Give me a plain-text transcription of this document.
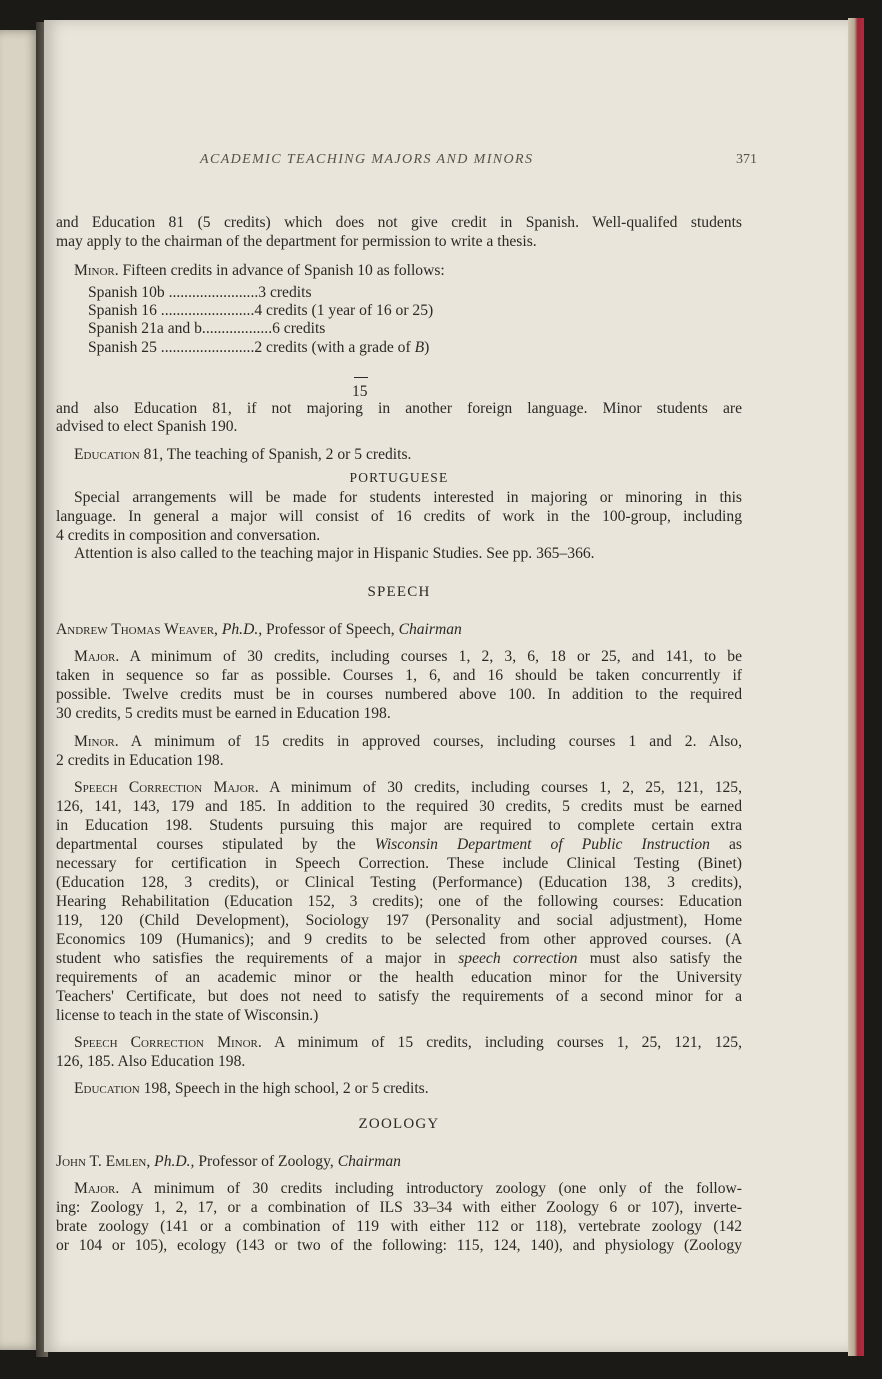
ACADEMIC TEACHING MAJORS AND MINORS	371
and Education 81 (5 credits) which does not give credit in Spanish. Well-qualifed students
may apply to the chairman of the department for permission to write a thesis.
Minor. Fifteen credits in advance of Spanish 10 as follows:
Spanish 10b .......................3 credits
Spanish 16 ........................4 credits (1 year of 16 or 25)
Spanish 21a and b..................6 credits
Spanish 25 ........................2 credits (with a grade of B)
15
and also Education 81, if not majoring in another foreign language. Minor students are
advised to elect Spanish 190.
Education 81, The teaching of Spanish, 2 or 5 credits.
PORTUGUESE
Special arrangements will be made for students interested in majoring or minoring in this
language. In general a major will consist of 16 credits of work in the 100-group, including
4 credits in composition and conversation.
Attention is also called to the teaching major in Hispanic Studies. See pp. 365–366.
SPEECH
Andrew Thomas Weaver, Ph.D., Professor of Speech, Chairman
Major. A minimum of 30 credits, including courses 1, 2, 3, 6, 18 or 25, and 141, to be
taken in sequence so far as possible. Courses 1, 6, and 16 should be taken concurrently if
possible. Twelve credits must be in courses numbered above 100. In addition to the required
30 credits, 5 credits must be earned in Education 198.
Minor. A minimum of 15 credits in approved courses, including courses 1 and 2. Also,
2 credits in Education 198.
Speech Correction Major. A minimum of 30 credits, including courses 1, 2, 25, 121, 125,
126, 141, 143, 179 and 185. In addition to the required 30 credits, 5 credits must be earned
in Education 198. Students pursuing this major are required to complete certain extra
departmental courses stipulated by the Wisconsin Department of Public Instruction as
necessary for certification in Speech Correction. These include Clinical Testing (Binet)
(Education 128, 3 credits), or Clinical Testing (Performance) (Education 138, 3 credits),
Hearing Rehabilitation (Education 152, 3 credits); one of the following courses: Education
119, 120 (Child Development), Sociology 197 (Personality and social adjustment), Home
Economics 109 (Humanics); and 9 credits to be selected from other approved courses. (A
student who satisfies the requirements of a major in speech correction must also satisfy the
requirements of an academic minor or the health education minor for the University
Teachers' Certificate, but does not need to satisfy the requirements of a second minor for a
license to teach in the state of Wisconsin.)
Speech Correction Minor. A minimum of 15 credits, including courses 1, 25, 121, 125,
126, 185. Also Education 198.
Education 198, Speech in the high school, 2 or 5 credits.
ZOOLOGY
John T. Emlen, Ph.D., Professor of Zoology, Chairman
Major. A minimum of 30 credits including introductory zoology (one only of the follow-
ing: Zoology 1, 2, 17, or a combination of ILS 33–34 with either Zoology 6 or 107), inverte-
brate zoology (141 or a combination of 119 with either 112 or 118), vertebrate zoology (142
or 104 or 105), ecology (143 or two of the following: 115, 124, 140), and physiology (Zoology
